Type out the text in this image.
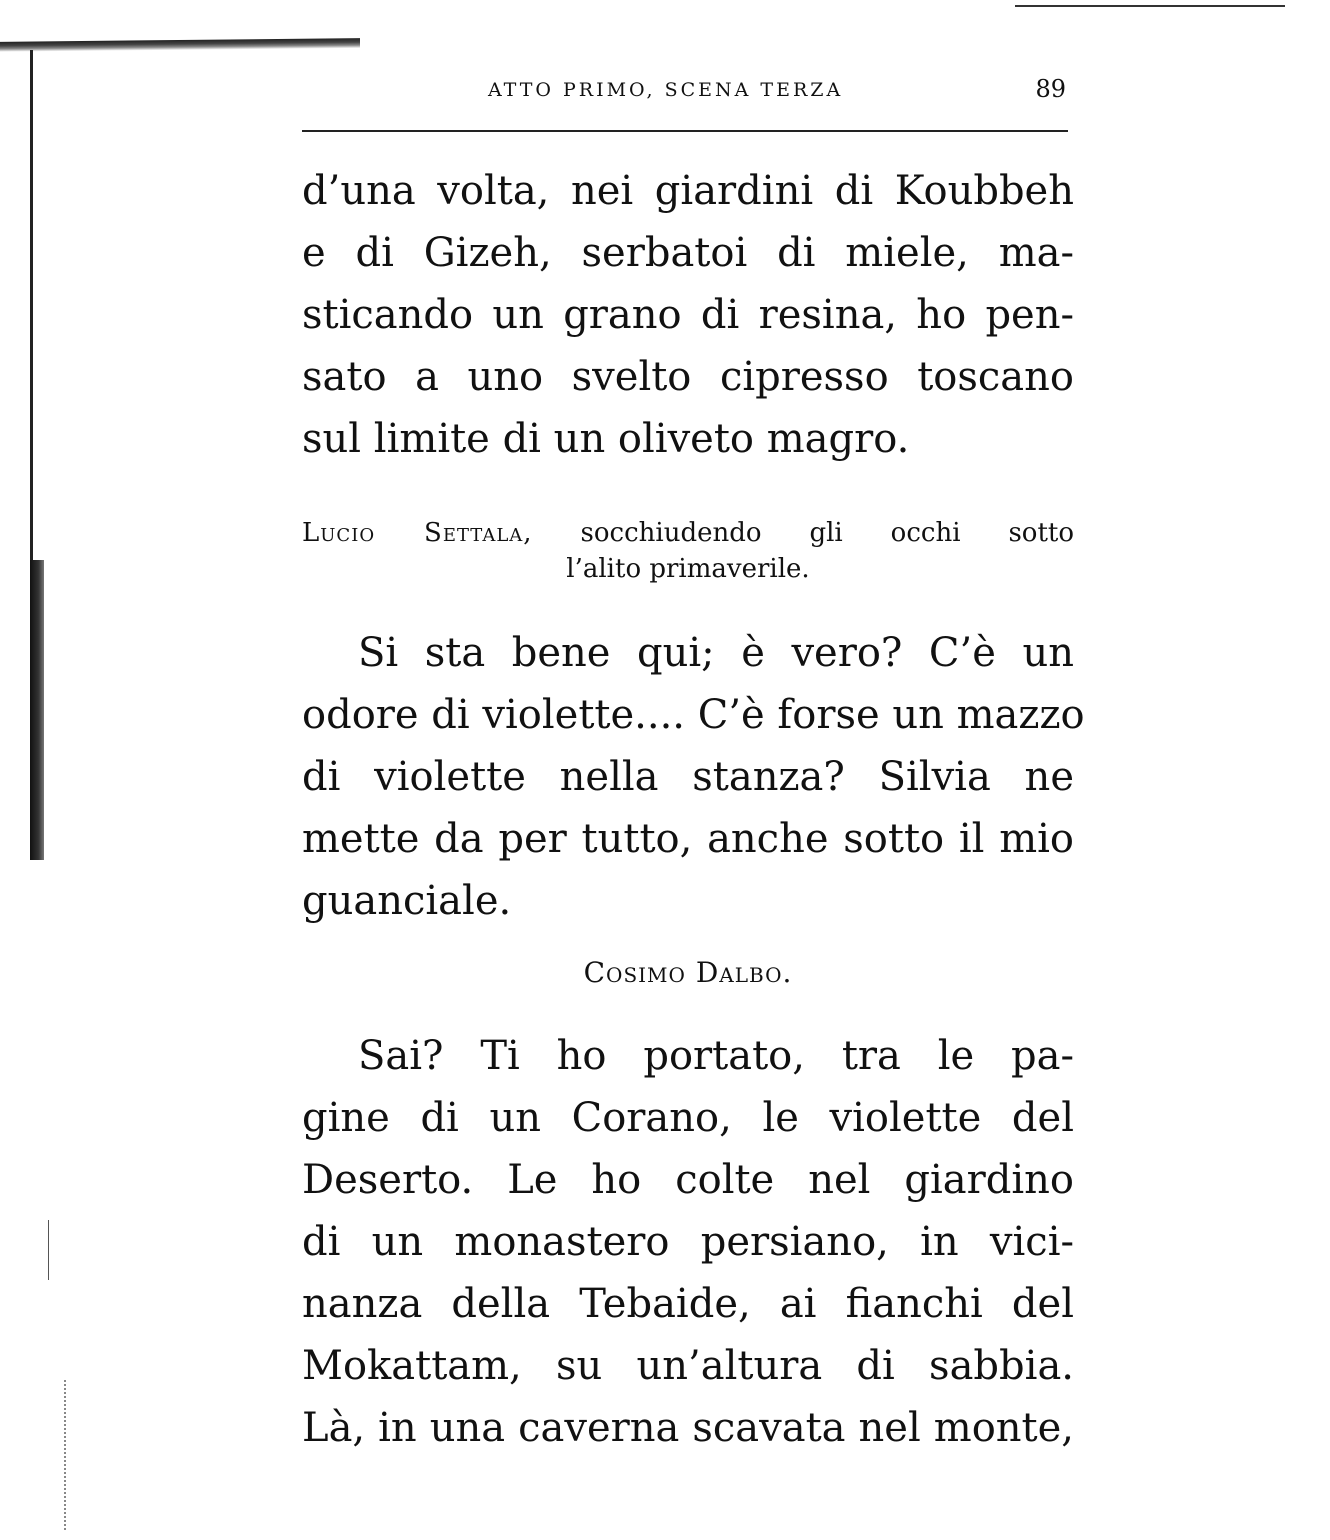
ATTO PRIMO, SCENA TERZA	89
d’una volta, nei giardini di Koubbeh
e di Gizeh, serbatoi di miele, ma-
sticando un grano di resina, ho pen-
sato a uno svelto cipresso toscano
sul limite di un oliveto magro.
Lucio Settala, socchiudendo gli occhi sotto
l’alito primaverile.
Si sta bene qui; è vero? C’è un
odore di violette.... C’è forse un mazzo
di violette nella stanza? Silvia ne
mette da per tutto, anche sotto il mio
guanciale.
Cosimo Dalbo.
Sai? Ti ho portato, tra le pa-
gine di un Corano, le violette del
Deserto. Le ho colte nel giardino
di un monastero persiano, in vici-
nanza della Tebaide, ai fianchi del
Mokattam, su un’altura di sabbia.
Là, in una caverna scavata nel monte,
